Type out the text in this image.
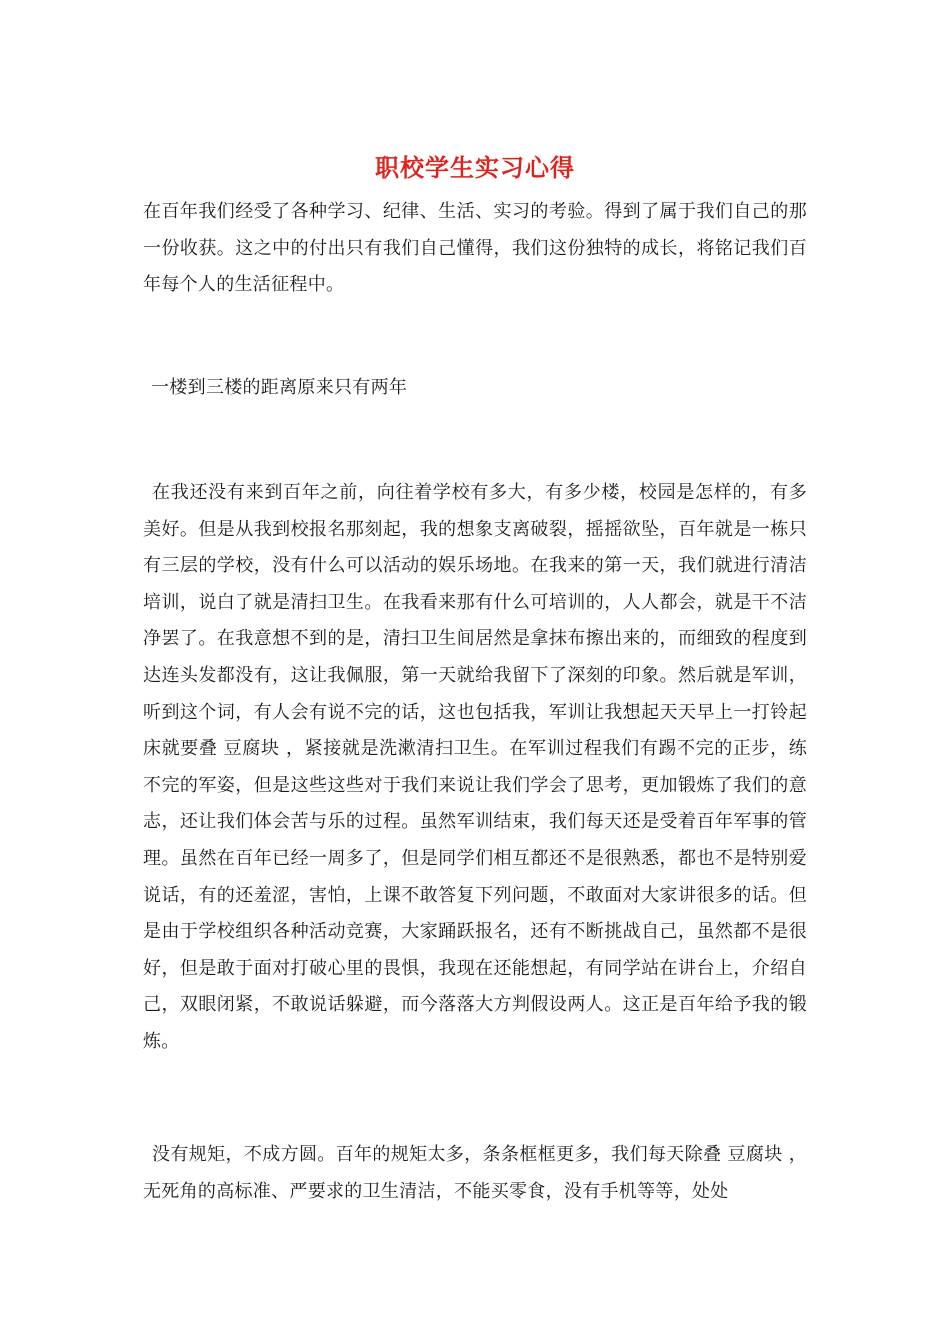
职校学生实习心得
在百年我们经受了各种学习、纪律、生活、实习的考验。得到了属于我们自己的那一份收获。这之中的付出只有我们自己懂得，我们这份独特的成长，将铭记我们百年每个人的生活征程中。
一楼到三楼的距离原来只有两年
在我还没有来到百年之前，向往着学校有多大，有多少楼，校园是怎样的，有多美好。但是从我到校报名那刻起，我的想象支离破裂，摇摇欲坠，百年就是一栋只有三层的学校，没有什么可以活动的娱乐场地。在我来的第一天，我们就进行清洁培训，说白了就是清扫卫生。在我看来那有什么可培训的，人人都会，就是干不洁净罢了。在我意想不到的是，清扫卫生间居然是拿抹布擦出来的，而细致的程度到达连头发都没有，这让我佩服，第一天就给我留下了深刻的印象。然后就是军训，听到这个词，有人会有说不完的话，这也包括我，军训让我想起天天早上一打铃起床就要叠 豆腐块 ，紧接就是洗漱清扫卫生。在军训过程我们有踢不完的正步，练不完的军姿，但是这些这些对于我们来说让我们学会了思考，更加锻炼了我们的意志，还让我们体会苦与乐的过程。虽然军训结束，我们每天还是受着百年军事的管理。虽然在百年已经一周多了，但是同学们相互都还不是很熟悉，都也不是特别爱说话，有的还羞涩，害怕，上课不敢答复下列问题，不敢面对大家讲很多的话。但是由于学校组织各种活动竞赛，大家踊跃报名，还有不断挑战自己，虽然都不是很好，但是敢于面对打破心里的畏惧，我现在还能想起，有同学站在讲台上，介绍自己，双眼闭紧，不敢说话躲避，而今落落大方判假设两人。这正是百年给予我的锻炼。
没有规矩，不成方圆。百年的规矩太多，条条框框更多，我们每天除叠 豆腐块 ，无死角的高标准、严要求的卫生清洁，不能买零食，没有手机等等，处处
